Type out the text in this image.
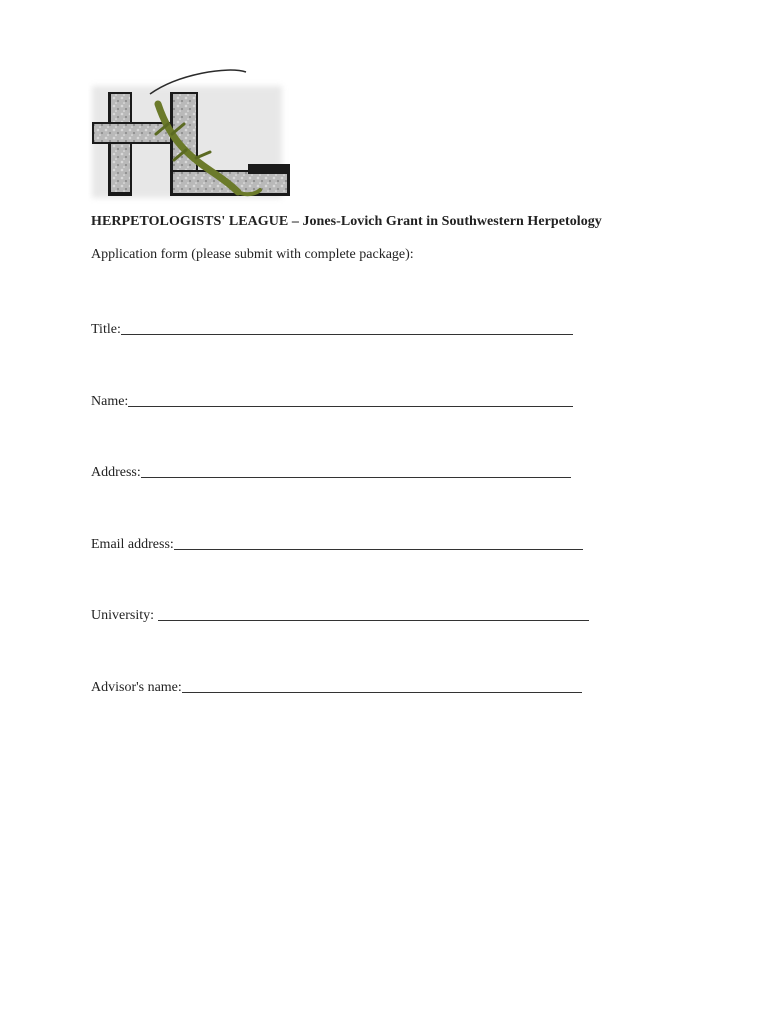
HERPETOLOGISTS' LEAGUE – Jones-Lovich Grant in Southwestern Herpetology
Application form (please submit with complete package):
Title:
Name:
Address:
Email address:
University:
Advisor's name:
